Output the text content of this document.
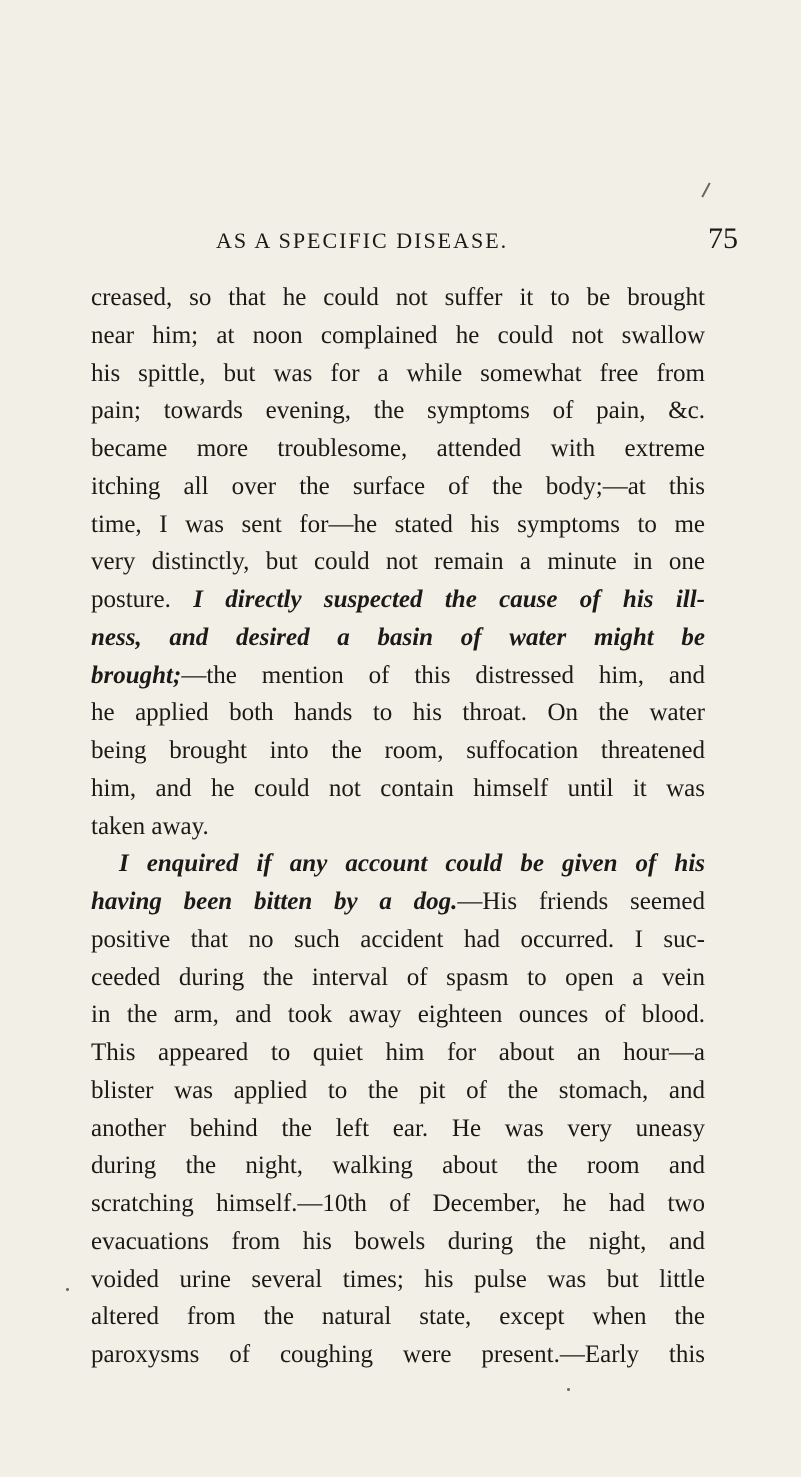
AS A SPECIFIC DISEASE.	75
creased, so that he could not suffer it to be brought
near him; at noon complained he could not swallow
his spittle, but was for a while somewhat free from
pain; towards evening, the symptoms of pain, &c.
became more troublesome, attended with extreme
itching all over the surface of the body;—at this
time, I was sent for—he stated his symptoms to me
very distinctly, but could not remain a minute in one
posture. I directly suspected the cause of his ill-
ness, and desired a basin of water might be
brought;—the mention of this distressed him, and
he applied both hands to his throat. On the water
being brought into the room, suffocation threatened
him, and he could not contain himself until it was
taken away.
I enquired if any account could be given of his
having been bitten by a dog.—His friends seemed
positive that no such accident had occurred. I suc-
ceeded during the interval of spasm to open a vein
in the arm, and took away eighteen ounces of blood.
This appeared to quiet him for about an hour—a
blister was applied to the pit of the stomach, and
another behind the left ear. He was very uneasy
during the night, walking about the room and
scratching himself.—10th of December, he had two
evacuations from his bowels during the night, and
voided urine several times; his pulse was but little
altered from the natural state, except when the
paroxysms of coughing were present.—Early this
